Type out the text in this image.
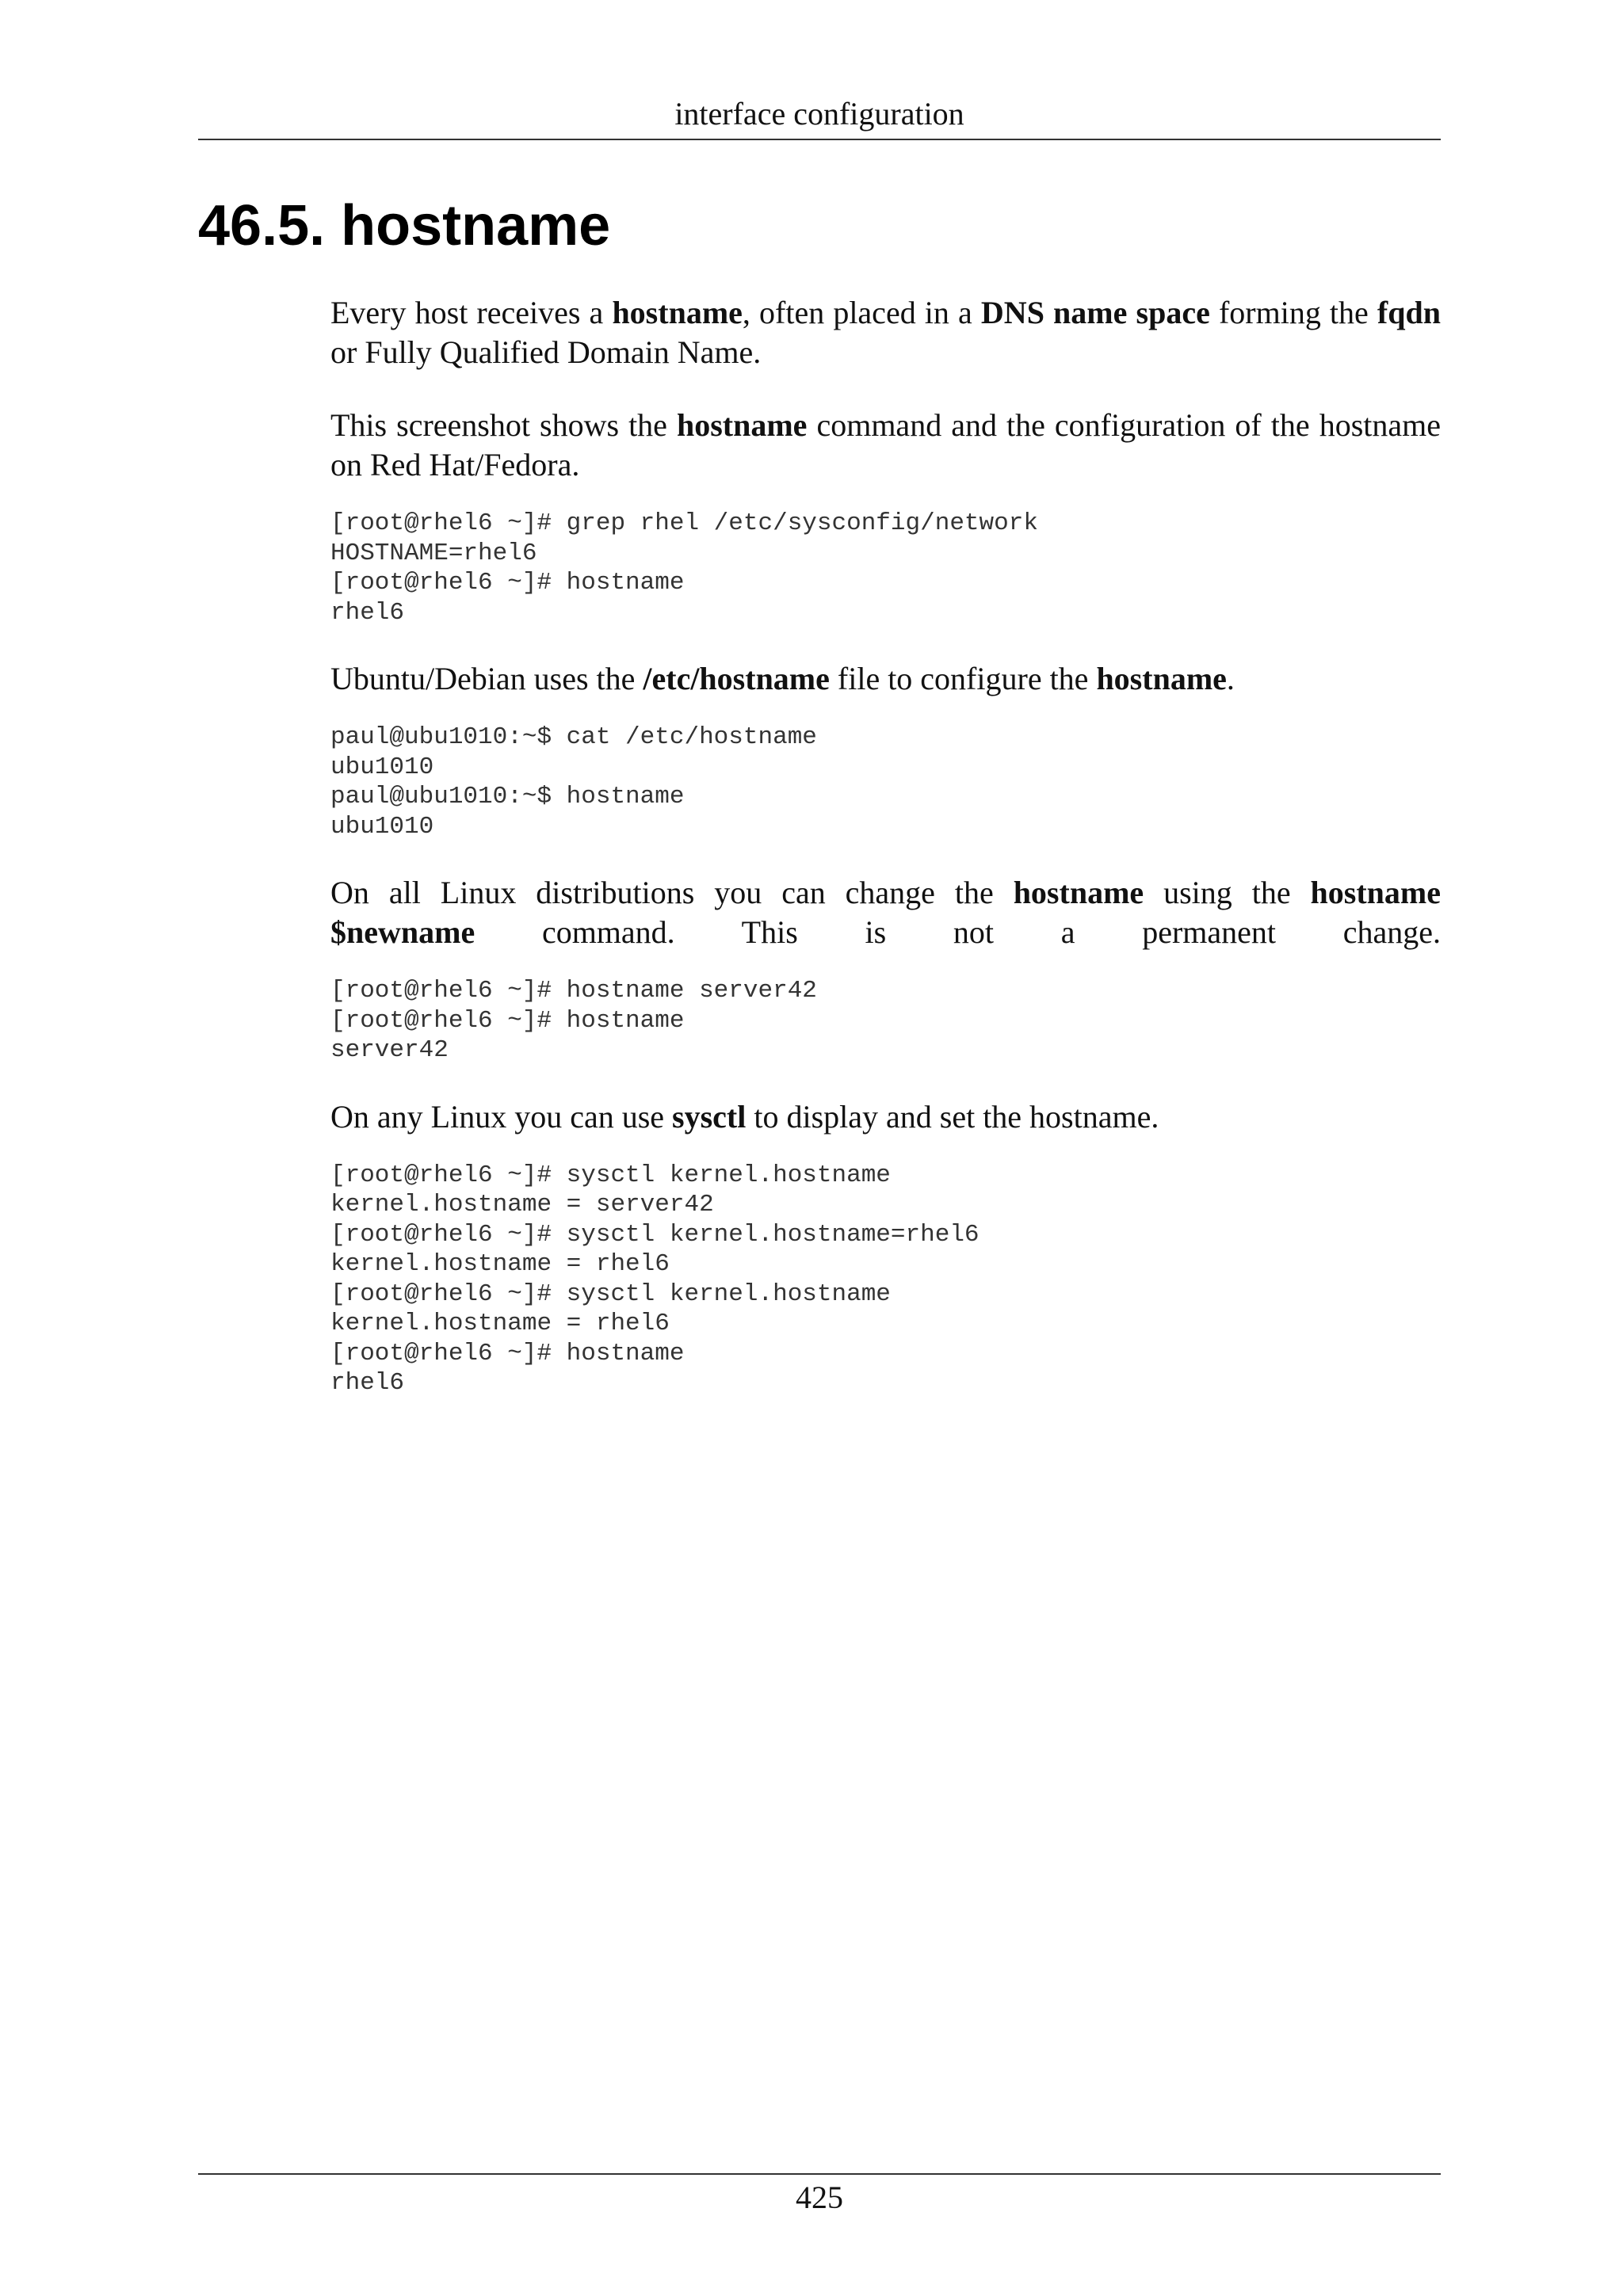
interface configuration
46.5. hostname

Every host receives a hostname, often placed in a DNS name space forming the fqdn or Fully Qualified Domain Name.

This screenshot shows the hostname command and the configuration of the hostname on Red Hat/Fedora.

[root@rhel6 ~]# grep rhel /etc/sysconfig/network
HOSTNAME=rhel6
[root@rhel6 ~]# hostname
rhel6

Ubuntu/Debian uses the /etc/hostname file to configure the hostname.

paul@ubu1010:~$ cat /etc/hostname
ubu1010
paul@ubu1010:~$ hostname
ubu1010

On all Linux distributions you can change the hostname using the hostname $newname command. This is not a permanent change.

[root@rhel6 ~]# hostname server42
[root@rhel6 ~]# hostname
server42

On any Linux you can use sysctl to display and set the hostname.

[root@rhel6 ~]# sysctl kernel.hostname
kernel.hostname = server42
[root@rhel6 ~]# sysctl kernel.hostname=rhel6
kernel.hostname = rhel6
[root@rhel6 ~]# sysctl kernel.hostname
kernel.hostname = rhel6
[root@rhel6 ~]# hostname
rhel6
425
